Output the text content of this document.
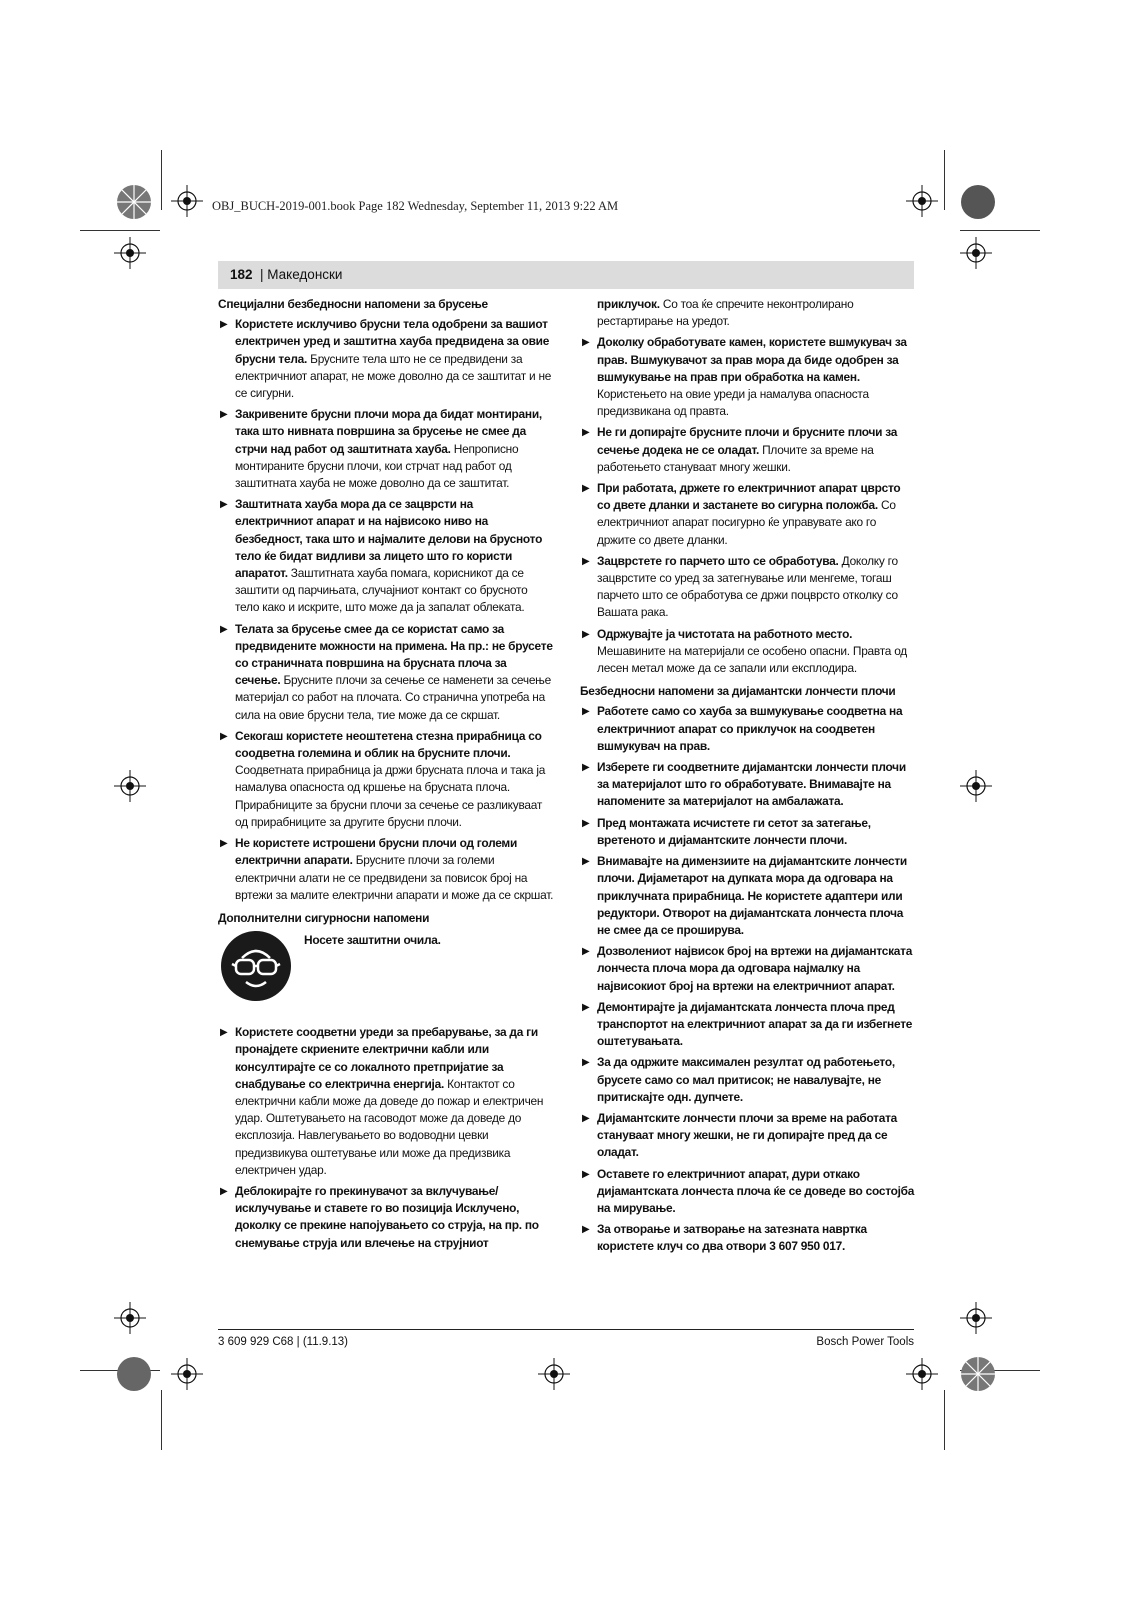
OBJ_BUCH-2019-001.book Page 182 Wednesday, September 11, 2013 9:22 AM
182 | Македонски
Специјални безбедносни напомени за брусење
▶ Користете исклучиво брусни тела одобрени за вашиот електричен уред и заштитна хауба предвидена за овие брусни тела. Брусните тела што не се предвидени за електричниот апарат, не може доволно да се заштитат и не се сигурни.
▶ Закривените брусни плочи мора да бидат монтирани, така што нивната површина за брусење не смее да стрчи над работ од заштитната хауба. Непрописно монтираните брусни плочи, кои стрчат над работ од заштитната хауба не може доволно да се заштитат.
▶ Заштитната хауба мора да се зацврсти на електричниот апарат и на највисоко ниво на безбедност, така што и најмалите делови на брусното тело ќе бидат видливи за лицето што го користи апаратот. Заштитната хауба помага, корисникот да се заштити од парчињата, случајниот контакт со брусното тело како и искрите, што може да ја запалат облеката.
▶ Телата за брусење смее да се користат само за предвидените можности на примена. На пр.: не брусете со страничната површина на брусната плоча за сечење. Брусните плочи за сечење се наменети за сечење материјал со работ на плочата. Со странична употреба на сила на овие брусни тела, тие може да се скршат.
▶ Секогаш користете неоштетена стезна прирабница со соодветна големина и облик на брусните плочи. Соодветната прирабница ја држи брусната плоча и така ја намалува опасноста од кршење на брусната плоча. Прирабниците за брусни плочи за сечење се разликуваат од прирабниците за другите брусни плочи.
▶ Не користете истрошени брусни плочи од големи електрични апарати. Брусните плочи за големи електрични алати не се предвидени за повисок број на вртежи за малите електрични апарати и може да се скршат.
Дополнителни сигурносни напомени
Носете заштитни очила.
▶ Користете соодветни уреди за пребарување, за да ги пронајдете скриените електрични кабли или консултирајте се со локалното претпријатие за снабдување со електрична енергија. Контактот со електрични кабли може да доведе до пожар и електричен удар. Оштетувањето на гасоводот може да доведе до експлозија. Навлегувањето во водоводни цевки предизвикува оштетување или може да предизвика електричен удар.
▶ Деблокирајте го прекинувачот за вклучување/исклучување и ставете го во позиција Исклучено, доколку се прекине напојувањето со струја, на пр. по снемување струја или влечење на струјниот
приклучок. Со тоа ќе спречите неконтролирано рестартирање на уредот.
▶ Доколку обработувате камен, користете вшмукувач за прав. Вшмукувачот за прав мора да биде одобрен за вшмукување на прав при обработка на камен. Користењето на овие уреди ја намалува опасноста предизвикана од правта.
▶ Не ги допирајте брусните плочи и брусните плочи за сечење додека не се оладат. Плочите за време на работењето стануваат многу жешки.
▶ При работата, држете го електричниот апарат цврсто со двете дланки и застанете во сигурна положба. Со електричниот апарат посигурно ќе управувате ако го држите со двете дланки.
▶ Зацврстете го парчето што се обработува. Доколку го зацврстите со уред за затегнување или менгеме, тогаш парчето што се обработува се држи поцврсто отколку со Вашата рака.
▶ Одржувајте ја чистотата на работното место. Мешавините на материјали се особено опасни. Правта од лесен метал може да се запали или експлодира.
Безбедносни напомени за дијамантски лончести плочи
▶ Работете само со хауба за вшмукување соодветна на електричниот апарат со приклучок на соодветен вшмукувач на прав.
▶ Изберете ги соодветните дијамантски лончести плочи за материјалот што го обработувате. Внимавајте на напомените за материјалот на амбалажата.
▶ Пред монтажата исчистете ги сетот за затегање, вретеното и дијамантските лончести плочи.
▶ Внимавајте на димензиите на дијамантските лончести плочи. Дијаметарот на дупката мора да одговара на приклучната прирабница. Не користете адаптери или редуктори. Отворот на дијамантската лончеста плоча не смее да се проширува.
▶ Дозволениот највисок број на вртежи на дијамантската лончеста плоча мора да одговара најмалку на највисокиот број на вртежи на електричниот апарат.
▶ Демонтирајте ја дијамантската лончеста плоча пред транспортот на електричниот апарат за да ги избегнете оштетувањата.
▶ За да одржите максимален резултат од работењето, брусете само со мал притисок; не навалувајте, не притискајте одн. дупчете.
▶ Дијамантските лончести плочи за време на работата стануваат многу жешки, не ги допирајте пред да се оладат.
▶ Оставете го електричниот апарат, дури откако дијамантската лончеста плоча ќе се доведе во состојба на мирување.
▶ За отворање и затворање на затезната навртка користете клуч со два отвори 3 607 950 017.
3 609 929 C68 | (11.9.13)	Bosch Power Tools
